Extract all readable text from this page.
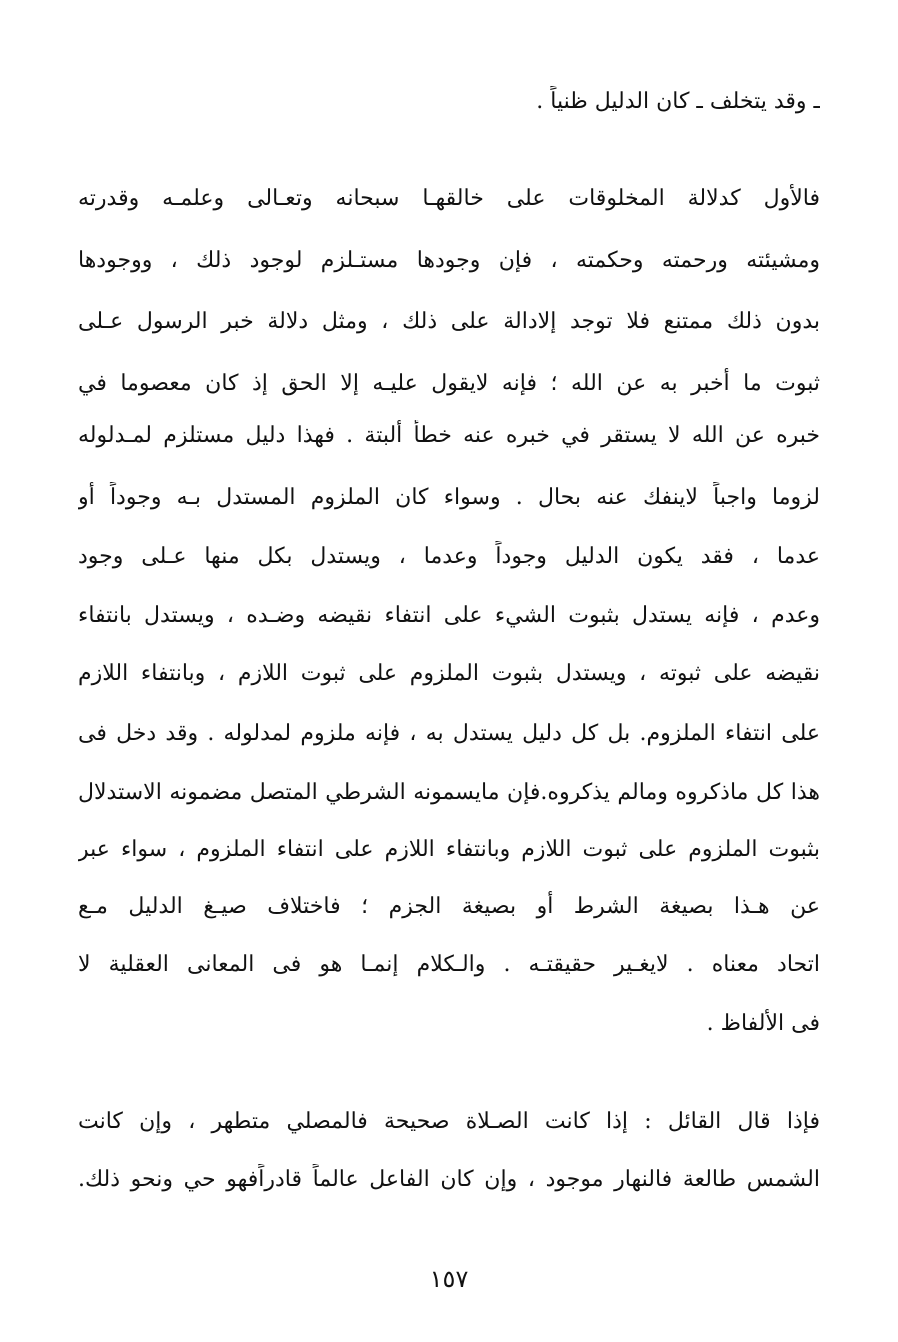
ـ وقد يتخلف ـ كان الدليل ظنياً .
فالأول كدلالة المخلوقات على خالقهـا سبحانه وتعـالى وعلمـه وقدرته
ومشيئته ورحمته وحكمته ، فإن وجودها مستـلزم لوجود ذلك ، ووجودها
بدون ذلك ممتنع فلا توجد إلادالة على ذلك ، ومثل دلالة خبر الرسول عـلى
ثبوت ما أخبر به عن الله ؛ فإنه لايقول عليـه إلا الحق إذ كان معصوما في
خبره عن الله لا يستقر في خبره عنه خطأ ألبتة . فهذا دليل مستلزم لمـدلوله
لزوما واجباً لاينفك عنه بحال . وسواء كان الملزوم المستدل بـه وجوداً أو
عدما ، فقد يكون الدليل وجوداً وعدما ، ويستدل بكل منها عـلى وجود
وعدم ، فإنه يستدل بثبوت الشيء على انتفاء نقيضه وضـده ، ويستدل بانتفاء
نقيضه على ثبوته ، ويستدل بثبوت الملزوم على ثبوت اللازم ، وبانتفاء اللازم
على انتفاء الملزوم. بل كل دليل يستدل به ، فإنه ملزوم لمدلوله . وقد دخل فى
هذا كل ماذكروه ومالم يذكروه.فإن مايسمونه الشرطي المتصل مضمونه الاستدلال
بثبوت الملزوم على ثبوت اللازم وبانتفاء اللازم على انتفاء الملزوم ، سواء عبر
عن هـذا بصيغة الشرط أو بصيغة الجزم ؛ فاختلاف صيـغ الدليل مـع
اتحاد معناه . لايغـير حقيقتـه . والـكلام إنمـا هو فى المعانى العقلية لا
فى الألفاظ .
فإذا قال القائل : إذا كانت الصـلاة صحيحة فالمصلي متطهر ، وإن كانت
الشمس طالعة فالنهار موجود ، وإن كان الفاعل عالماً قادراًفهو حي ونحو ذلك.
١٥٧
